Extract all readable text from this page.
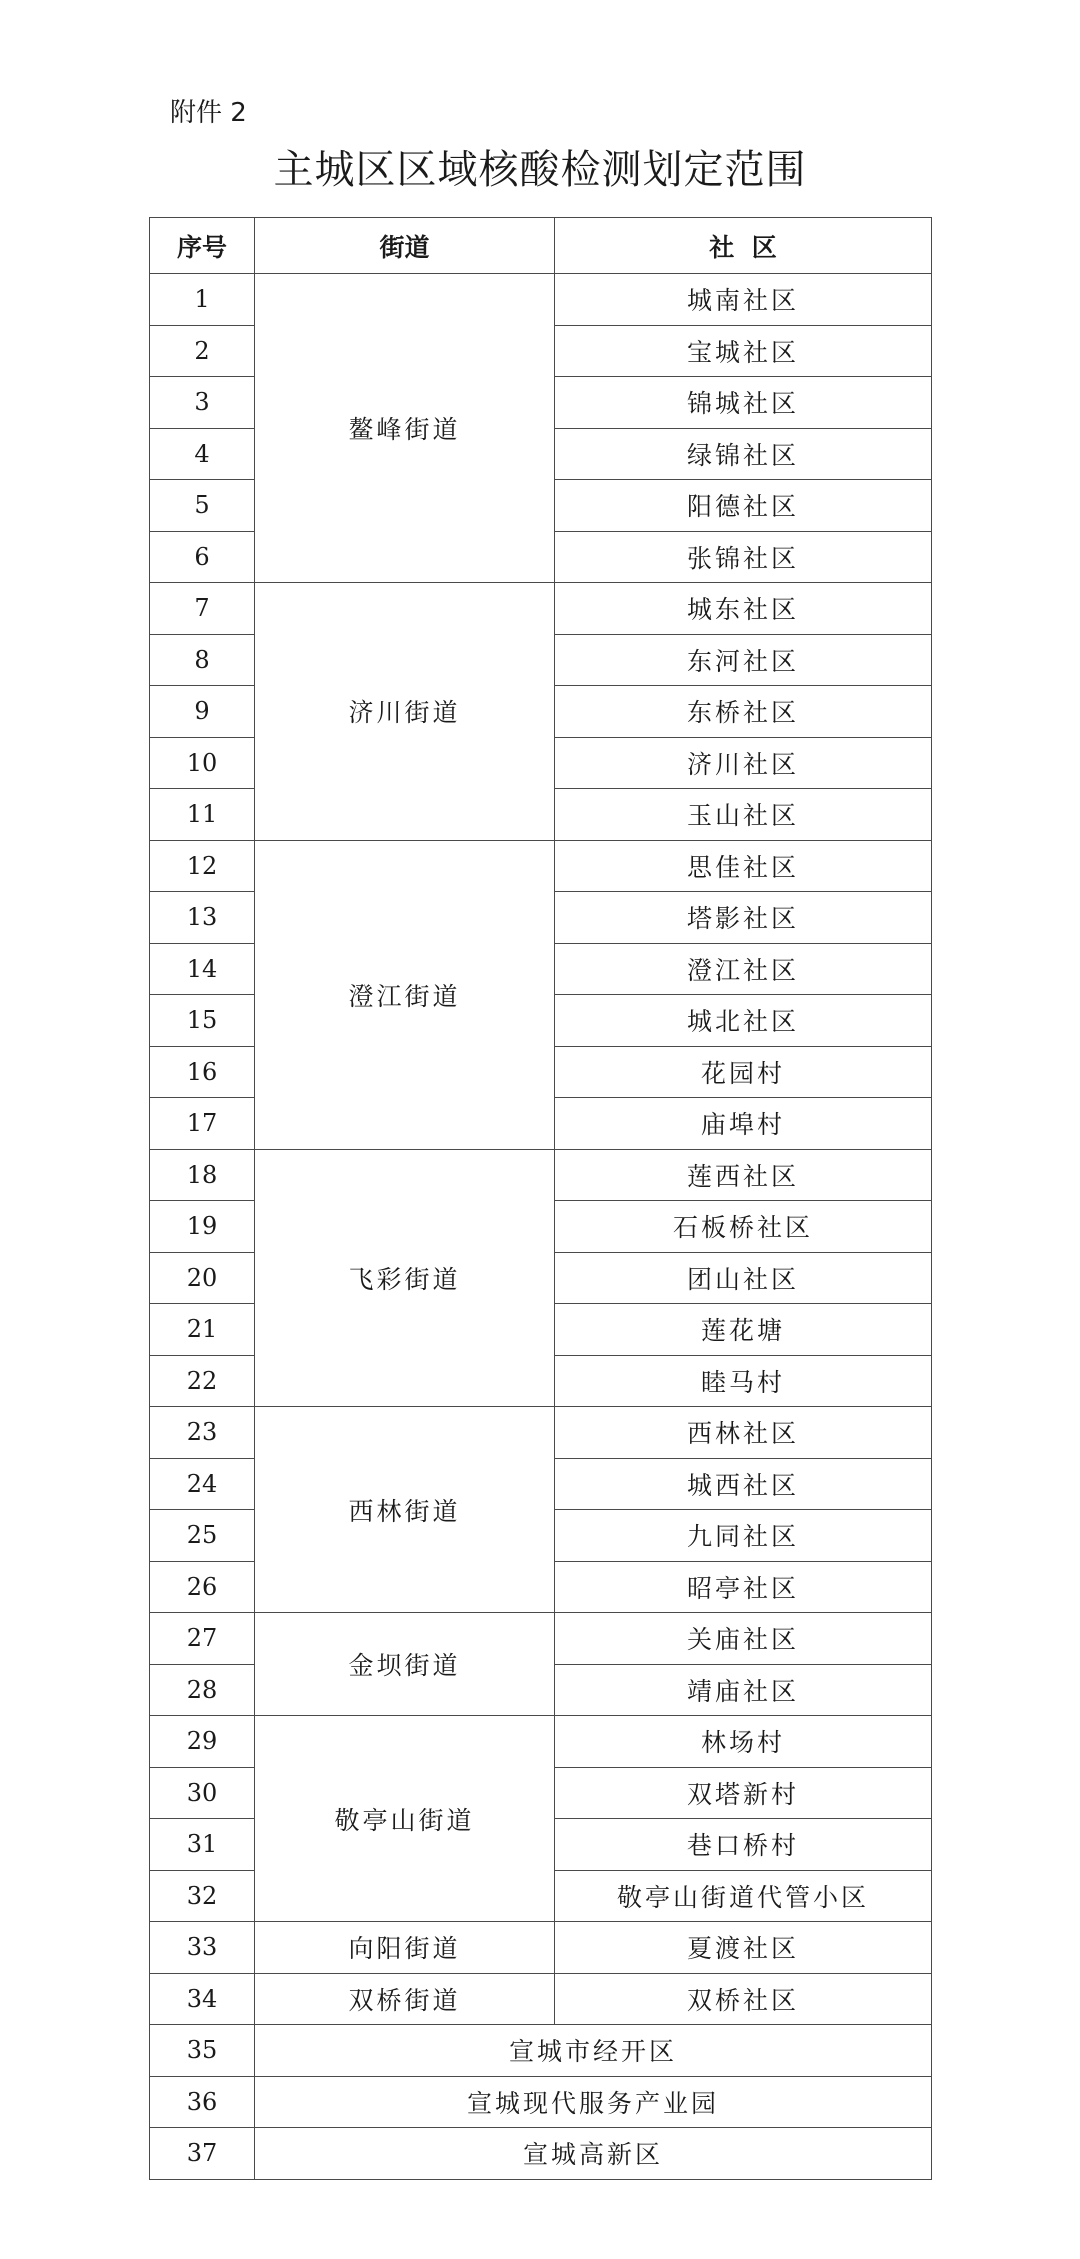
附件 2
主城区区域核酸检测划定范围
序号	街道	社  区
1	鳌峰街道	城南社区
2		宝城社区
3		锦城社区
4		绿锦社区
5		阳德社区
6		张锦社区
7	济川街道	城东社区
8		东河社区
9		东桥社区
10		济川社区
11		玉山社区
12	澄江街道	思佳社区
13		塔影社区
14		澄江社区
15		城北社区
16		花园村
17		庙埠村
18	飞彩街道	莲西社区
19		石板桥社区
20		团山社区
21		莲花塘
22		睦马村
23	西林街道	西林社区
24		城西社区
25		九同社区
26		昭亭社区
27	金坝街道	关庙社区
28		靖庙社区
29	敬亭山街道	林场村
30		双塔新村
31		巷口桥村
32		敬亭山街道代管小区
33	向阳街道	夏渡社区
34	双桥街道	双桥社区
35	宣城市经开区	
36	宣城现代服务产业园	
37	宣城高新区	
